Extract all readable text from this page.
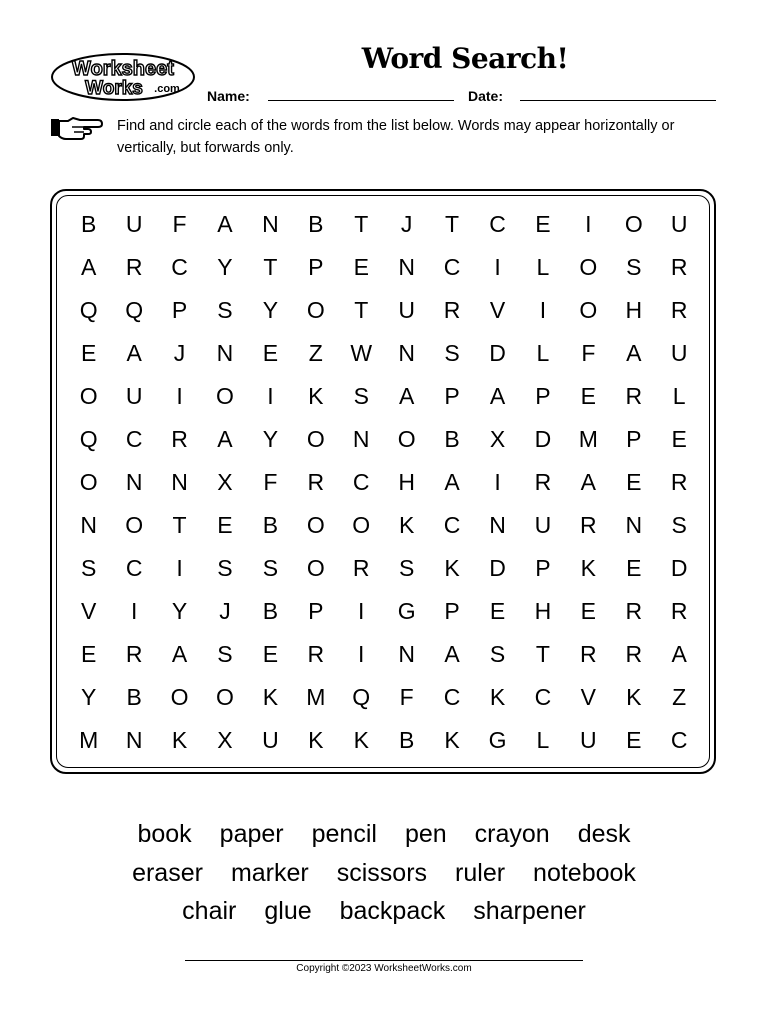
Worksheet
Works .com
Word Search!
Name:	Date:
Find and circle each of the words from the list below. Words may appear horizontally or vertically, but forwards only.
B	U	F	A	N	B	T	J	T	C	E	I	O	U
A	R	C	Y	T	P	E	N	C	I	L	O	S	R
Q	Q	P	S	Y	O	T	U	R	V	I	O	H	R
E	A	J	N	E	Z	W	N	S	D	L	F	A	U
O	U	I	O	I	K	S	A	P	A	P	E	R	L
Q	C	R	A	Y	O	N	O	B	X	D	M	P	E
O	N	N	X	F	R	C	H	A	I	R	A	E	R
N	O	T	E	B	O	O	K	C	N	U	R	N	S
S	C	I	S	S	O	R	S	K	D	P	K	E	D
V	I	Y	J	B	P	I	G	P	E	H	E	R	R
E	R	A	S	E	R	I	N	A	S	T	R	R	A
Y	B	O	O	K	M	Q	F	C	K	C	V	K	Z
M	N	K	X	U	K	K	B	K	G	L	U	E	C
book paper pencil pen crayon desk
eraser marker scissors ruler notebook
chair glue backpack sharpener
Copyright ©2023 WorksheetWorks.com
